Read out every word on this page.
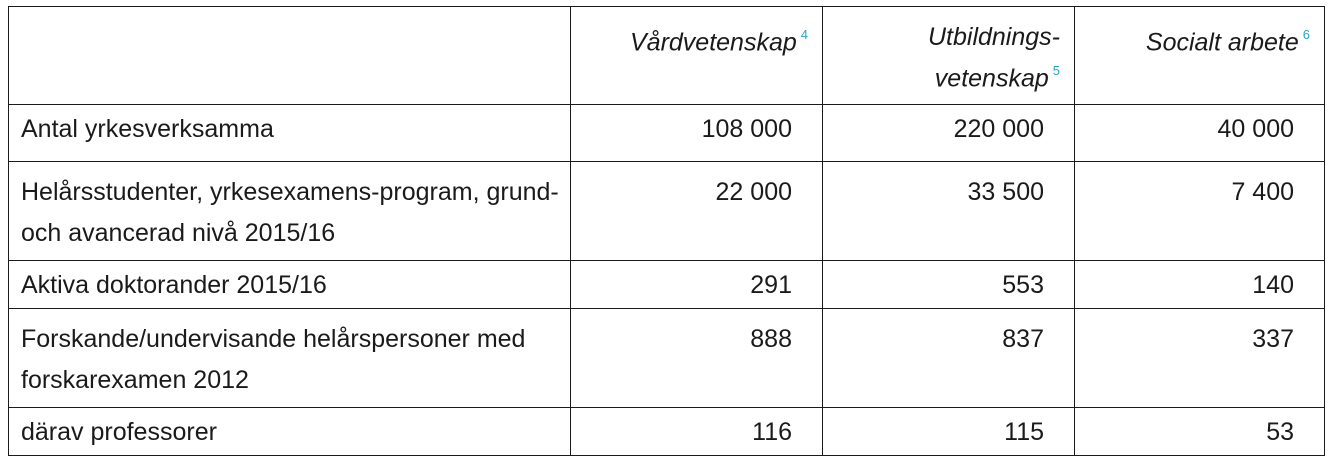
	Vårdvetenskap $^4$	Utbildnings-vetenskap $^5$	Socialt arbete $^6$
Antal yrkesverksamma	108 000	220 000	40 000
Helårsstudenter, yrkesexamens-program, grund- och avancerad nivå 2015/16	22 000	33 500	7 400
Aktiva doktorander 2015/16	291	553	140
Forskande/undervisande helårspersoner med forskarexamen 2012	888	837	337
därav professorer	116	115	53
